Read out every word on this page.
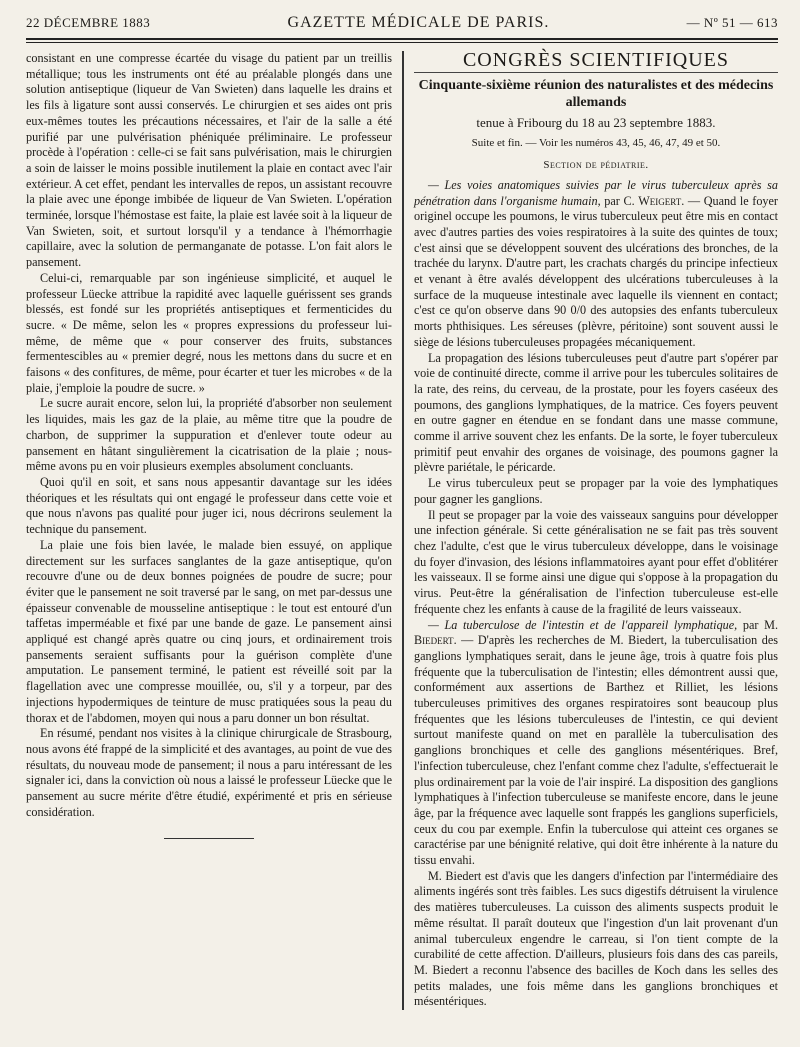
22 DÉCEMBRE 1883	GAZETTE MÉDICALE DE PARIS.	— Nº 51 — 613

consistant en une compresse écartée du visage du patient par un treillis métallique; tous les instruments ont été au préalable plongés dans une solution antiseptique (liqueur de Van Swieten) dans laquelle les drains et les fils à ligature sont aussi conservés. Le chirurgien et ses aides ont pris eux-mêmes toutes les précautions nécessaires, et l'air de la salle a été purifié par une pulvérisation phéniquée préliminaire. Le professeur procède à l'opération : celle-ci se fait sans pulvérisation, mais le chirurgien a soin de laisser le moins possible inutilement la plaie en contact avec l'air extérieur. A cet effet, pendant les intervalles de repos, un assistant recouvre la plaie avec une éponge imbibée de liqueur de Van Swieten. L'opération terminée, lorsque l'hémostase est faite, la plaie est lavée soit à la liqueur de Van Swieten, soit, et surtout lorsqu'il y a tendance à l'hémorrhagie capillaire, avec la solution de permanganate de potasse. L'on fait alors le pansement.

Celui-ci, remarquable par son ingénieuse simplicité, et auquel le professeur Lüecke attribue la rapidité avec laquelle guérissent ses grands blessés, est fondé sur les propriétés antiseptiques et fermenticides du sucre. « De même, selon les « propres expressions du professeur lui-même, de même que « pour conserver des fruits, substances fermentescibles au « premier degré, nous les mettons dans du sucre et en faisons « des confitures, de même, pour écarter et tuer les microbes « de la plaie, j'emploie la poudre de sucre. »

Le sucre aurait encore, selon lui, la propriété d'absorber non seulement les liquides, mais les gaz de la plaie, au même titre que la poudre de charbon, de supprimer la suppuration et d'enlever toute odeur au pansement en hâtant singulièrement la cicatrisation de la plaie ; nous-même avons pu en voir plusieurs exemples absolument concluants.

Quoi qu'il en soit, et sans nous appesantir davantage sur les idées théoriques et les résultats qui ont engagé le professeur dans cette voie et que nous n'avons pas qualité pour juger ici, nous décrirons seulement la technique du pansement.

La plaie une fois bien lavée, le malade bien essuyé, on applique directement sur les surfaces sanglantes de la gaze antiseptique, qu'on recouvre d'une ou de deux bonnes poignées de poudre de sucre; pour éviter que le pansement ne soit traversé par le sang, on met par-dessus une épaisseur convenable de mousseline antiseptique : le tout est entouré d'un taffetas imperméable et fixé par une bande de gaze. Le pansement ainsi appliqué est changé après quatre ou cinq jours, et ordinairement trois pansements seraient suffisants pour la guérison complète d'une amputation. Le pansement terminé, le patient est réveillé soit par la flagellation avec une compresse mouillée, ou, s'il y a torpeur, par des injections hypodermiques de teinture de musc pratiquées sous la peau du thorax et de l'abdomen, moyen qui nous a paru donner un bon résultat.

En résumé, pendant nos visites à la clinique chirurgicale de Strasbourg, nous avons été frappé de la simplicité et des avantages, au point de vue des résultats, du nouveau mode de pansement; il nous a paru intéressant de les signaler ici, dans la conviction où nous a laissé le professeur Lüecke que le pansement au sucre mérite d'être étudié, expérimenté et pris en sérieuse considération.

CONGRÈS SCIENTIFIQUES
Cinquante-sixième réunion des naturalistes et des médecins allemands
tenue à Fribourg du 18 au 23 septembre 1883.
Suite et fin. — Voir les numéros 43, 45, 46, 47, 49 et 50.
Section de pédiatrie.

— Les voies anatomiques suivies par le virus tuberculeux après sa pénétration dans l'organisme humain, par C. Weigert. — Quand le foyer originel occupe les poumons, le virus tuberculeux peut être mis en contact avec d'autres parties des voies respiratoires à la suite des quintes de toux; c'est ainsi que se développent souvent des ulcérations des bronches, de la trachée du larynx. D'autre part, les crachats chargés du principe infectieux et venant à être avalés développent des ulcérations tuberculeuses à la surface de la muqueuse intestinale avec laquelle ils viennent en contact; c'est ce qu'on observe dans 90 0/0 des autopsies des enfants tuberculeux morts phthisiques. Les séreuses (plèvre, péritoine) sont souvent aussi le siège de lésions tuberculeuses propagées mécaniquement.

La propagation des lésions tuberculeuses peut d'autre part s'opérer par voie de continuité directe, comme il arrive pour les tubercules solitaires de la rate, des reins, du cerveau, de la prostate, pour les foyers caséeux des poumons, des ganglions lymphatiques, de la matrice. Ces foyers peuvent en outre gagner en étendue en se fondant dans une masse commune, comme il arrive souvent chez les enfants. De la sorte, le foyer tuberculeux primitif peut envahir des organes de voisinage, des poumons gagner la plèvre pariétale, le péricarde.

Le virus tuberculeux peut se propager par la voie des lymphatiques pour gagner les ganglions.

Il peut se propager par la voie des vaisseaux sanguins pour développer une infection générale. Si cette généralisation ne se fait pas très souvent chez l'adulte, c'est que le virus tuberculeux développe, dans le voisinage du foyer d'invasion, des lésions inflammatoires ayant pour effet d'oblitérer les vaisseaux. Il se forme ainsi une digue qui s'oppose à la propagation du virus. Peut-être la généralisation de l'infection tuberculeuse est-elle fréquente chez les enfants à cause de la fragilité de leurs vaisseaux.

— La tuberculose de l'intestin et de l'appareil lymphatique, par M. Biedert. — D'après les recherches de M. Biedert, la tuberculisation des ganglions lymphatiques serait, dans le jeune âge, trois à quatre fois plus fréquente que la tuberculisation de l'intestin; elles démontrent aussi que, conformément aux assertions de Barthez et Rilliet, les lésions tuberculeuses primitives des organes respiratoires sont beaucoup plus fréquentes que les lésions tuberculeuses de l'intestin, ce qui devient surtout manifeste quand on met en parallèle la tuberculisation des ganglions bronchiques et celle des ganglions mésentériques. Bref, l'infection tuberculeuse, chez l'enfant comme chez l'adulte, s'effectuerait le plus ordinairement par la voie de l'air inspiré. La disposition des ganglions lymphatiques à l'infection tuberculeuse se manifeste encore, dans le jeune âge, par la fréquence avec laquelle sont frappés les ganglions superficiels, ceux du cou par exemple. Enfin la tuberculose qui atteint ces organes se caractérise par une bénignité relative, qui doit être inhérente à la nature du tissu envahi.

M. Biedert est d'avis que les dangers d'infection par l'intermédiaire des aliments ingérés sont très faibles. Les sucs digestifs détruisent la virulence des matières tuberculeuses. La cuisson des aliments suspects produit le même résultat. Il paraît douteux que l'ingestion d'un lait provenant d'un animal tuberculeux engendre le carreau, si l'on tient compte de la curabilité de cette affection. D'ailleurs, plusieurs fois dans des cas pareils, M. Biedert a reconnu l'absence des bacilles de Koch dans les selles des petits malades, une fois même dans les ganglions bronchiques et mésentériques.
